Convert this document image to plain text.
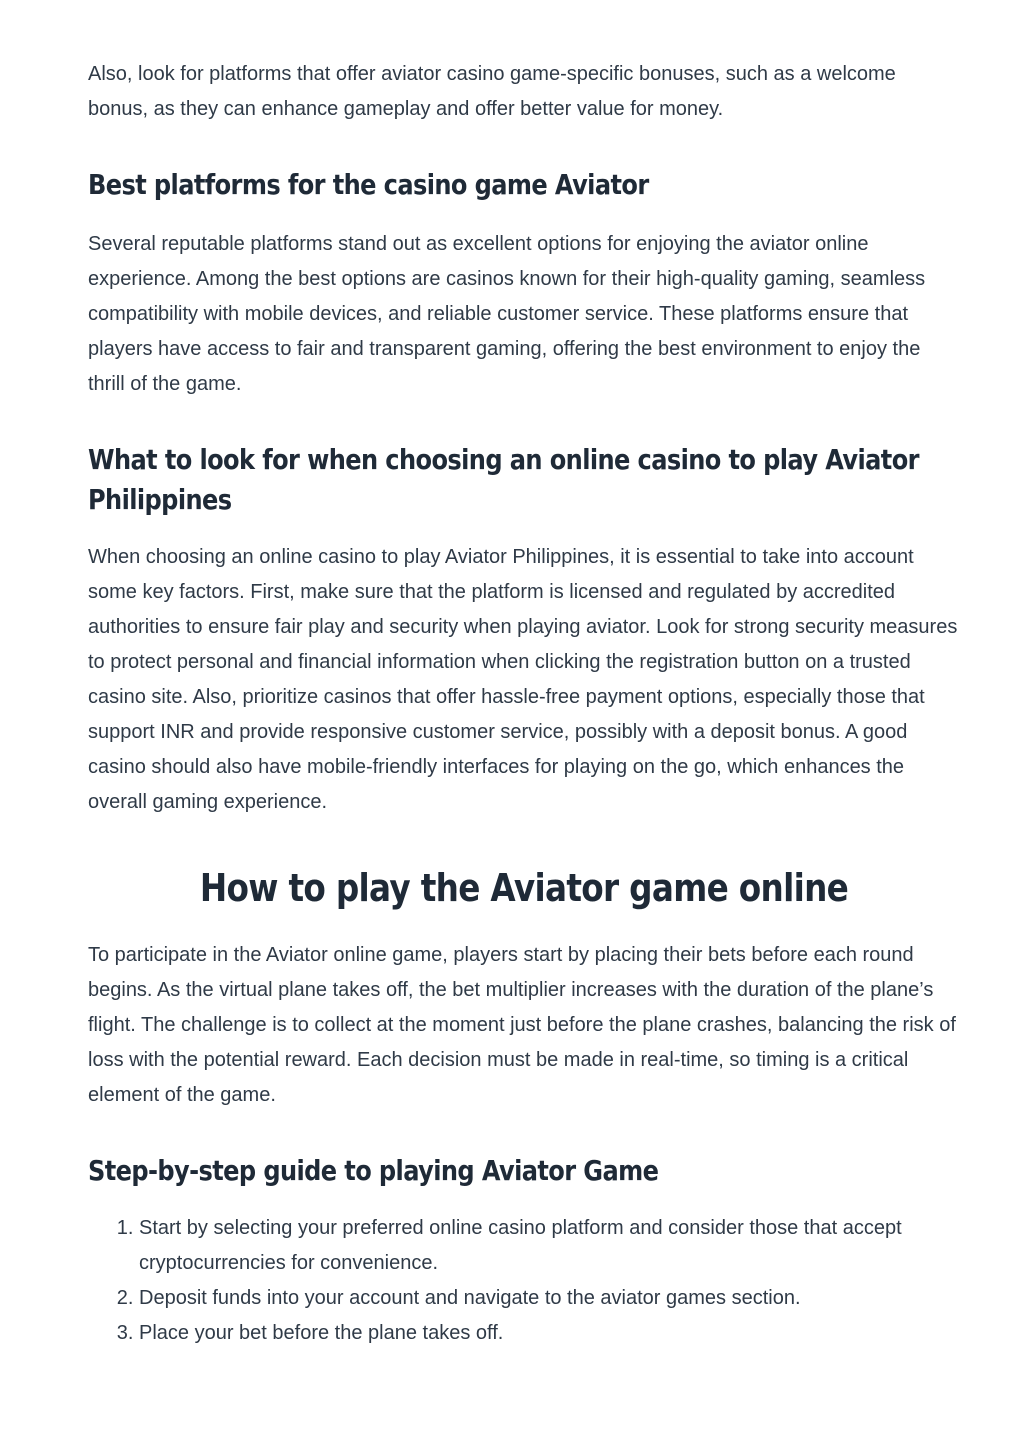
Also, look for platforms that offer aviator casino game-specific bonuses, such as a welcome bonus, as they can enhance gameplay and offer better value for money.

Best platforms for the casino game Aviator

Several reputable platforms stand out as excellent options for enjoying the aviator online experience. Among the best options are casinos known for their high-quality gaming, seamless compatibility with mobile devices, and reliable customer service. These platforms ensure that players have access to fair and transparent gaming, offering the best environment to enjoy the thrill of the game.

What to look for when choosing an online casino to play Aviator Philippines

When choosing an online casino to play Aviator Philippines, it is essential to take into account some key factors. First, make sure that the platform is licensed and regulated by accredited authorities to ensure fair play and security when playing aviator. Look for strong security measures to protect personal and financial information when clicking the registration button on a trusted casino site. Also, prioritize casinos that offer hassle-free payment options, especially those that support INR and provide responsive customer service, possibly with a deposit bonus. A good casino should also have mobile-friendly interfaces for playing on the go, which enhances the overall gaming experience.

How to play the Aviator game online

To participate in the Aviator online game, players start by placing their bets before each round begins. As the virtual plane takes off, the bet multiplier increases with the duration of the plane’s flight. The challenge is to collect at the moment just before the plane crashes, balancing the risk of loss with the potential reward. Each decision must be made in real-time, so timing is a critical element of the game.

Step-by-step guide to playing Aviator Game
1. Start by selecting your preferred online casino platform and consider those that accept cryptocurrencies for convenience.
2. Deposit funds into your account and navigate to the aviator games section.
3. Place your bet before the plane takes off.
